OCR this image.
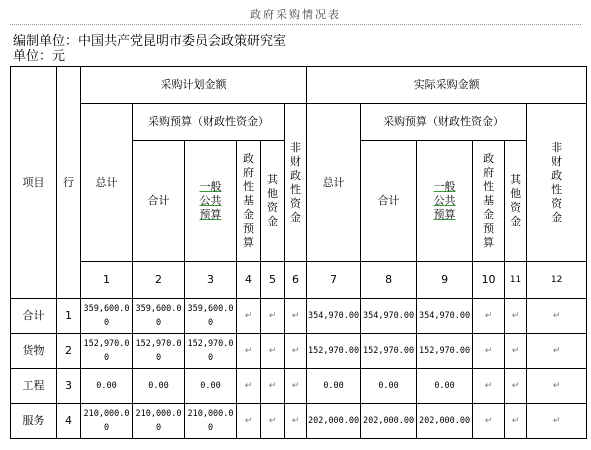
政府采购情况表
编制单位：中国共产党昆明市委员会政策研究室
单位：元
项目	行	采购计划金额						实际采购金额					
		总计	采购预算（财政性资金）				非财政性资金	总计	采购预算（财政性资金）				非财政性资金

			合计	一般公共预算	政府性基金预算	其他资金			合计	一般公共预算	政府性基金预算	其他资金	

		1	2	3	4	5	6	7	8	9	10	11	12
合计	1	359,600.00	359,600.00	359,600.00	↵	↵	↵	354,970.00	354,970.00	354,970.00	↵	↵	↵
货物	2	152,970.00	152,970.00	152,970.00	↵	↵	↵	152,970.00	152,970.00	152,970.00	↵	↵	↵
工程	3	0.00	0.00	0.00	↵	↵	↵	0.00	0.00	0.00	↵	↵	↵
服务	4	210,000.00	210,000.00	210,000.00	↵	↵	↵	202,000.00	202,000.00	202,000.00	↵	↵	↵
